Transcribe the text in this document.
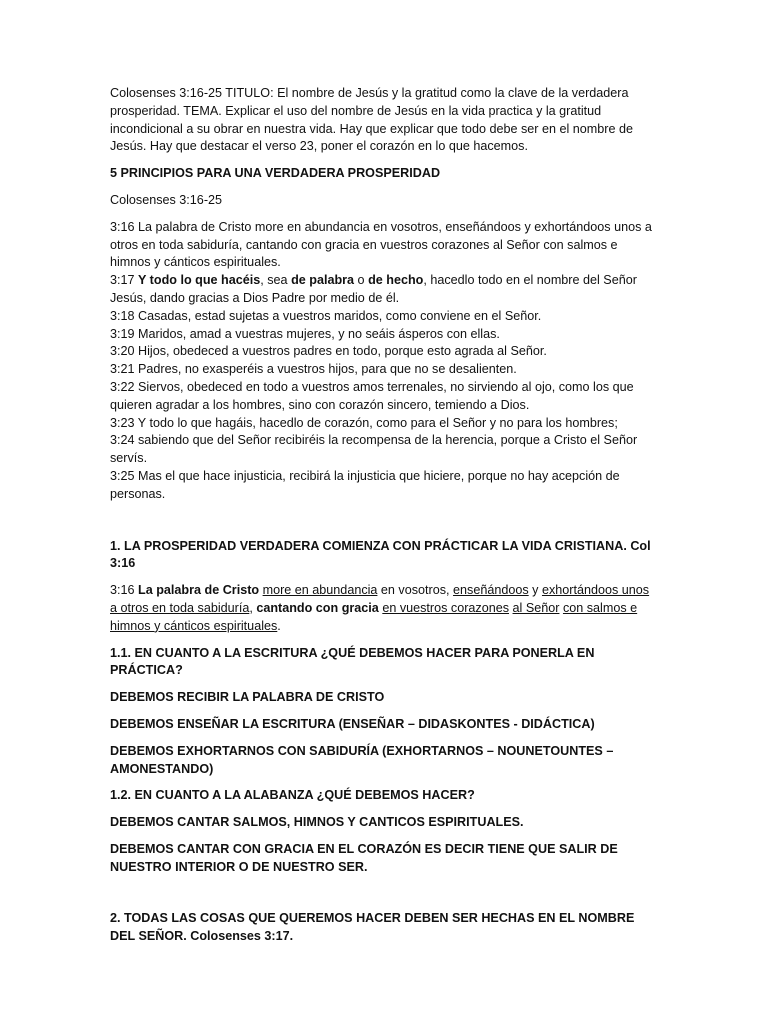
Colosenses 3:16-25 TITULO: El nombre de Jesús y la gratitud como la clave de la verdadera prosperidad. TEMA. Explicar el uso del nombre de Jesús en la vida practica y la gratitud incondicional a su obrar en nuestra vida. Hay que explicar que todo debe ser en el nombre de Jesús. Hay que destacar el verso 23, poner el corazón en lo que hacemos.

5 PRINCIPIOS PARA UNA VERDADERA PROSPERIDAD

Colosenses 3:16-25

3:16 La palabra de Cristo more en abundancia en vosotros, enseñándoos y exhortándoos unos a otros en toda sabiduría, cantando con gracia en vuestros corazones al Señor con salmos e himnos y cánticos espirituales.

3:17 Y todo lo que hacéis, sea de palabra o de hecho, hacedlo todo en el nombre del Señor Jesús, dando gracias a Dios Padre por medio de él.

3:18 Casadas, estad sujetas a vuestros maridos, como conviene en el Señor.

3:19 Maridos, amad a vuestras mujeres, y no seáis ásperos con ellas.

3:20 Hijos, obedeced a vuestros padres en todo, porque esto agrada al Señor.

3:21 Padres, no exasperéis a vuestros hijos, para que no se desalienten.

3:22 Siervos, obedeced en todo a vuestros amos terrenales, no sirviendo al ojo, como los que quieren agradar a los hombres, sino con corazón sincero, temiendo a Dios.

3:23 Y todo lo que hagáis, hacedlo de corazón, como para el Señor y no para los hombres;

3:24 sabiendo que del Señor recibiréis la recompensa de la herencia, porque a Cristo el Señor servís.

3:25 Mas el que hace injusticia, recibirá la injusticia que hiciere, porque no hay acepción de personas.

1. LA PROSPERIDAD VERDADERA COMIENZA CON PRÁCTICAR LA VIDA CRISTIANA. Col 3:16

3:16 La palabra de Cristo more en abundancia en vosotros, enseñándoos y exhortándoos unos a otros en toda sabiduría, cantando con gracia en vuestros corazones al Señor con salmos e himnos y cánticos espirituales.

1.1. EN CUANTO A LA ESCRITURA ¿QUÉ DEBEMOS HACER PARA PONERLA EN PRÁCTICA?

DEBEMOS RECIBIR LA PALABRA DE CRISTO

DEBEMOS ENSEÑAR LA ESCRITURA (ENSEÑAR – DIDASKONTES - DIDÁCTICA)

DEBEMOS EXHORTARNOS CON SABIDURÍA (EXHORTARNOS – NOUNETOUNTES – AMONESTANDO)

1.2. EN CUANTO A LA ALABANZA ¿QUÉ DEBEMOS HACER?

DEBEMOS CANTAR SALMOS, HIMNOS Y CANTICOS ESPIRITUALES.

DEBEMOS CANTAR CON GRACIA EN EL CORAZÓN ES DECIR TIENE QUE SALIR DE NUESTRO INTERIOR O DE NUESTRO SER.

2. TODAS LAS COSAS QUE QUEREMOS HACER DEBEN SER HECHAS EN EL NOMBRE DEL SEÑOR. Colosenses 3:17.
